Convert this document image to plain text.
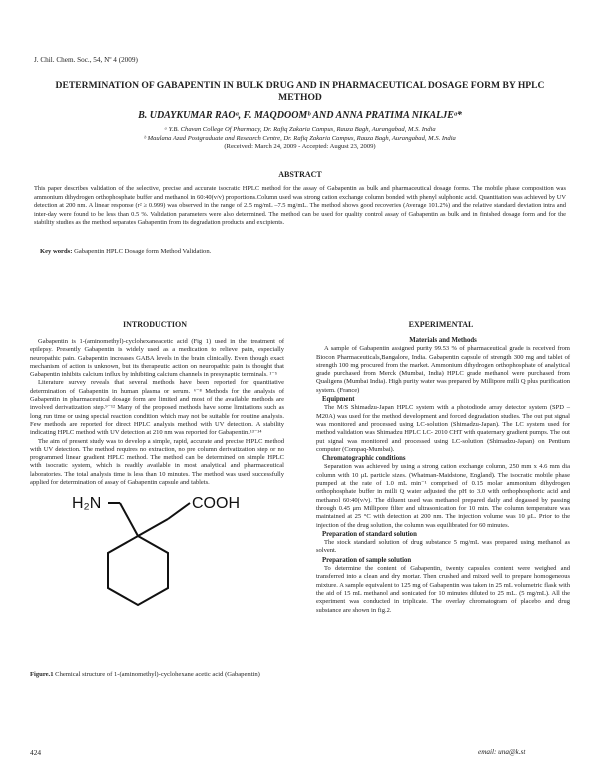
J. Chil. Chem. Soc., 54, Nº 4 (2009)
DETERMINATION OF GABAPENTIN IN BULK DRUG AND IN PHARMACEUTICAL DOSAGE FORM BY HPLC METHOD
B. UDAYKUMAR RAOᵃ, F. MAQDOOMᵇ AND ANNA PRATIMA NIKALJEᵃ*
ᵃ Y.B. Chavan College Of Pharmacy, Dr. Rafiq Zakaria Campus, Rauza Bagh, Aurangabad, M.S. India
ᵇ Maulana Azad Postgraduate and Research Centre, Dr. Rafiq Zakaria Campus, Rauza Bagh, Aurangabad, M.S. India
(Received: March 24, 2009 - Accepted: August 23, 2009)
ABSTRACT
This paper describes validation of the selective, precise and accurate isocratic HPLC method for the assay of Gabapentin as bulk and pharmaceutical dosage forms. The mobile phase composition was ammonium dihydrogen orthophosphate buffer and methanol in 60:40(v/v) proportions.Column used was strong cation exchange column bonded with phenyl sulphonic acid. Quantitation was achieved by UV detection at 200 nm. A linear response (r² ≥ 0.999) was observed in the range of 2.5 mg/mL –7.5 mg/mL. The method shows good recoveries (Average 101.2%) and the relative standard deviation intra and inter-day were found to be less than 0.5 %. Validation parameters were also determined. The method can be used for quality control assay of Gabapentin as bulk and in finished dosage form and for the stability studies as the method separates Gabapentin from its degradation products and excipients.
Key words: Gabapentin HPLC Dosage form Method Validation.
INTRODUCTION

Gabapentin is 1-(aminomethyl)-cyclohexaneacetic acid (Fig 1) used in the treatment of epilepsy. Presently Gabapentin is widely used as a medication to relieve pain, especially neuropathic pain. Gabapentin increases GABA levels in the brain clinically. Even though exact mechanism of action is unknown, but its therapeutic action on neuropathic pain is thought that Gabapentin inhibits calcium influx by inhibiting calcium channels in presynaptic terminals. ¹⁻⁵

Literature survey reveals that several methods have been reported for quantitative determination of Gabapentin in human plasma or serum. ⁶⁻⁸ Methods for the analysis of Gabapentin in pharmaceutical dosage form are limited and most of the available methods are involved derivatization step.⁹⁻¹² Many of the proposed methods have some limitations such as long run time or using special reaction condition which may not be suitable for routine analysis. Few methods are reported for direct HPLC analysis method with UV detection. A stability indicating HPLC method with UV detection at 210 nm was reported for Gabapentin.¹³⁻¹⁴

The aim of present study was to develop a simple, rapid, accurate and precise HPLC method with UV detection. The method requires no extraction, no pre column derivatization step or no programmed linear gradient HPLC method. The method can be determined on simple HPLC with isocratic system, which is readily available in most analytical and pharmaceutical laboratories. The total analysis time is less than 10 minutes. The method was used successfully applied for determination of assay of Gabapentin capsule and tablets.

H₂N	COOH
Figure.1 Chemical structure of 1-(aminomethyl)-cyclohexane acetic acid (Gabapentin)
EXPERIMENTAL
Materials and Methods

A sample of Gabapentin assigned purity 99.53 % of pharmaceutical grade is received from Biocon Pharmaceuticals,Bangalore, India. Gabapentin capsule of strength 300 mg and tablet of strength 100 mg procured from the market. Ammonium dihydrogen orthophosphate of analytical grade purchased from Merck (Mumbai, India) HPLC grade methanol were purchased from Qualigens (Mumbai India). High purity water was prepared by Millipore milli Q plus purification system. (France)

Equipment

The M/S Shimadzu-Japan HPLC system with a photodiode array detector system (SPD –M20A) was used for the method development and forced degradation studies. The out put signal was monitored and processed using LC-solution (Shimadzu-Japan). The LC system used for method validation was Shimadzu HPLC LC- 2010 CHT with quaternary gradient pumps. The out put signal was monitored and processed using LC-solution (Shimadzu-Japan) on Pentium computer (Compaq-Mumbai).

Chromatographic conditions

Separation was achieved by using a strong cation exchange column, 250 mm x 4.6 mm dia column with 10 μL particle sizes. (Whatman-Maidstone, England). The isocratic mobile phase pumped at the rate of 1.0 mL min⁻¹ comprised of 0.15 molar ammonium dihydrogen orthophosphate buffer in milli Q water adjusted the pH to 3.0 with orthophosphoric acid and methanol 60:40(v/v). The diluent used was methanol prepared daily and degassed by passing through 0.45 μm Millipore filter and ultrasonication for 10 min. The column temperature was maintained at 25 °C with detection at 200 nm. The injection volume was 10 μL. Prior to the injection of the drug solution, the column was equilibrated for 60 minutes.

Preparation of standard solution

The stock standard solution of drug substance 5 mg/mL was prepared using methanol as solvent.

Preparation of sample solution

To determine the content of Gabapentin, twenty capsules content were weighed and transferred into a clean and dry mortar. Then crushed and mixed well to prepare homogeneous mixture. A sample equivalent to 125 mg of Gabapentin was taken in 25 mL volumetric flask with the aid of 15 mL methanol and sonicated for 10 minutes diluted to 25 mL. (5 mg/mL). All the experiment was conducted in triplicate. The overlay chromatogram of placebo and drug substance are shown in fig.2.

424	email: una@k.st
